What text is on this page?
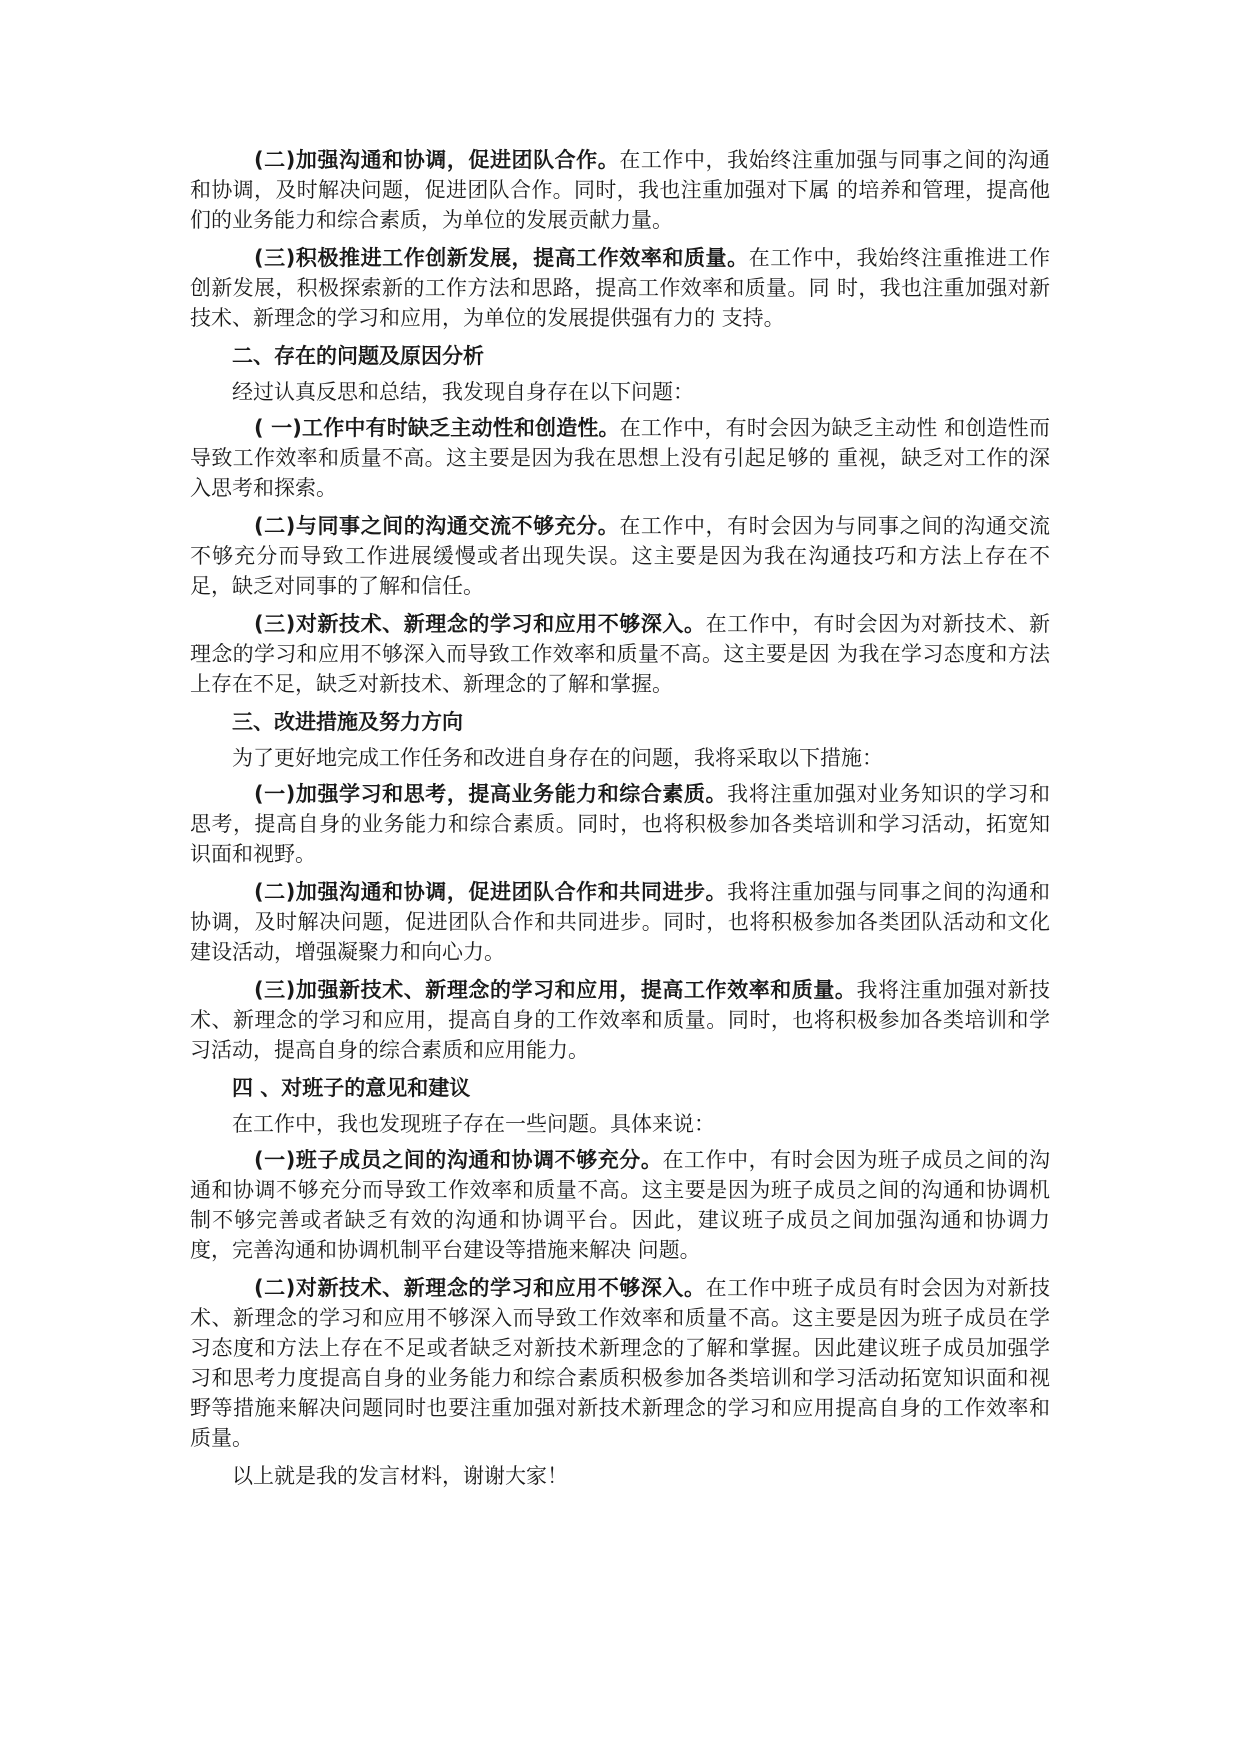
(二)加强沟通和协调，促进团队合作。在工作中，我始终注重加强与同事之间的沟通和协调，及时解决问题，促进团队合作。同时，我也注重加强对下属 的培养和管理，提高他们的业务能力和综合素质，为单位的发展贡献力量。

(三)积极推进工作创新发展，提高工作效率和质量。在工作中，我始终注重推进工作创新发展，积极探索新的工作方法和思路，提高工作效率和质量。同 时，我也注重加强对新技术、新理念的学习和应用，为单位的发展提供强有力的 支持。

二、存在的问题及原因分析

经过认真反思和总结，我发现自身存在以下问题：

( 一)工作中有时缺乏主动性和创造性。在工作中，有时会因为缺乏主动性 和创造性而导致工作效率和质量不高。这主要是因为我在思想上没有引起足够的 重视，缺乏对工作的深入思考和探索。

(二)与同事之间的沟通交流不够充分。在工作中，有时会因为与同事之间的沟通交流不够充分而导致工作进展缓慢或者出现失误。这主要是因为我在沟通技巧和方法上存在不足，缺乏对同事的了解和信任。

(三)对新技术、新理念的学习和应用不够深入。在工作中，有时会因为对新技术、新理念的学习和应用不够深入而导致工作效率和质量不高。这主要是因 为我在学习态度和方法上存在不足，缺乏对新技术、新理念的了解和掌握。

三、改进措施及努力方向

为了更好地完成工作任务和改进自身存在的问题，我将采取以下措施：

(一)加强学习和思考，提高业务能力和综合素质。我将注重加强对业务知识的学习和思考，提高自身的业务能力和综合素质。同时，也将积极参加各类培训和学习活动，拓宽知识面和视野。

(二)加强沟通和协调，促进团队合作和共同进步。我将注重加强与同事之间的沟通和协调，及时解决问题，促进团队合作和共同进步。同时，也将积极参加各类团队活动和文化建设活动，增强凝聚力和向心力。

(三)加强新技术、新理念的学习和应用，提高工作效率和质量。我将注重加强对新技术、新理念的学习和应用，提高自身的工作效率和质量。同时，也将积极参加各类培训和学习活动，提高自身的综合素质和应用能力。

四 、对班子的意见和建议

在工作中，我也发现班子存在一些问题。具体来说：

(一)班子成员之间的沟通和协调不够充分。在工作中，有时会因为班子成员之间的沟通和协调不够充分而导致工作效率和质量不高。这主要是因为班子成员之间的沟通和协调机制不够完善或者缺乏有效的沟通和协调平台。因此，建议班子成员之间加强沟通和协调力度，完善沟通和协调机制平台建设等措施来解决 问题。

(二)对新技术、新理念的学习和应用不够深入。在工作中班子成员有时会因为对新技术、新理念的学习和应用不够深入而导致工作效率和质量不高。这主要是因为班子成员在学习态度和方法上存在不足或者缺乏对新技术新理念的了解和掌握。因此建议班子成员加强学习和思考力度提高自身的业务能力和综合素质积极参加各类培训和学习活动拓宽知识面和视野等措施来解决问题同时也要注重加强对新技术新理念的学习和应用提高自身的工作效率和质量。

以上就是我的发言材料，谢谢大家！
